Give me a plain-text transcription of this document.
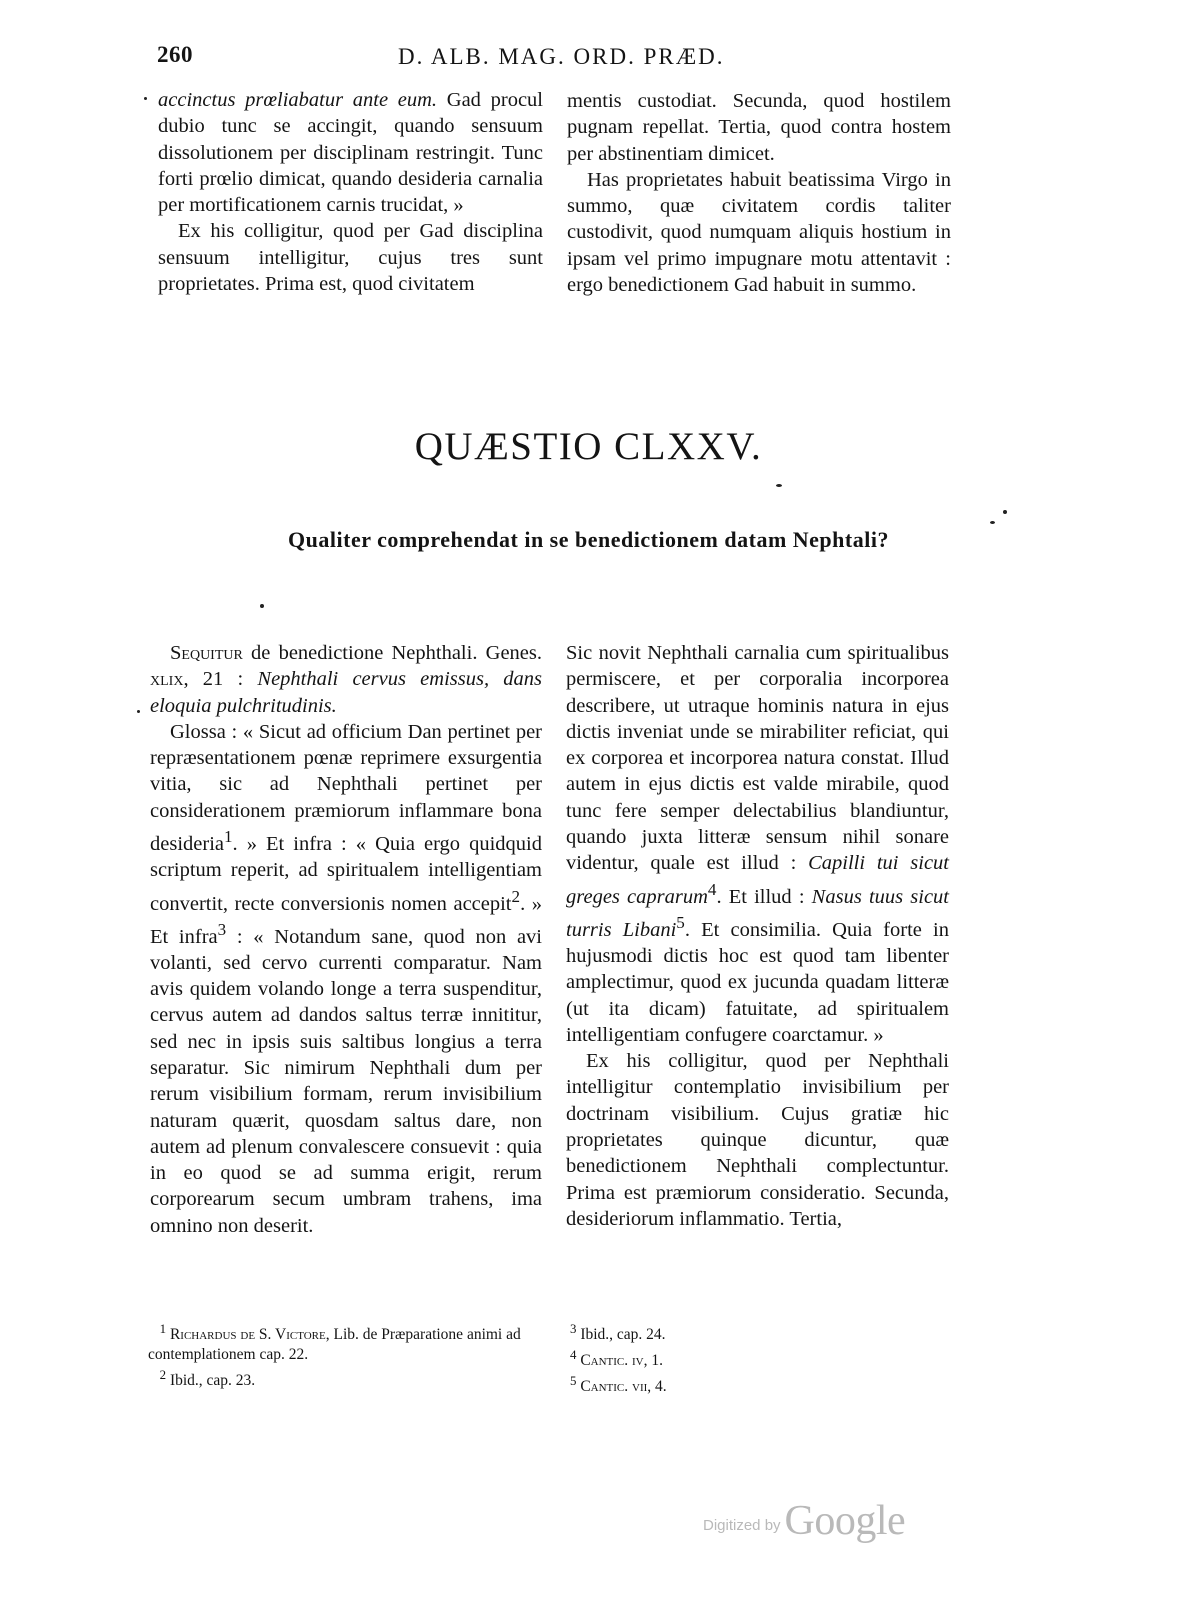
260	D. ALB. MAG. ORD. PRÆD.

accinctus prœliabatur ante eum. Gad procul dubio tunc se accingit, quando sensuum dissolutionem per disciplinam restringit. Tunc forti prœlio dimicat, quando desideria carnalia per mortificationem carnis trucidat, »

Ex his colligitur, quod per Gad disciplina sensuum intelligitur, cujus tres sunt proprietates. Prima est, quod civitatem

mentis custodiat. Secunda, quod hostilem pugnam repellat. Tertia, quod contra hostem per abstinentiam dimicet.

Has proprietates habuit beatissima Virgo in summo, quæ civitatem cordis taliter custodivit, quod numquam aliquis hostium in ipsam vel primo impugnare motu attentavit : ergo benedictionem Gad habuit in summo.

QUÆSTIO CLXXV.
Qualiter comprehendat in se benedictionem datam Nephtali?

Sequitur de benedictione Nephthali. Genes. xlix, 21 : Nephthali cervus emissus, dans eloquia pulchritudinis.

Glossa : « Sicut ad officium Dan pertinet per repræsentationem pœnæ reprimere exsurgentia vitia, sic ad Nephthali pertinet per considerationem præmiorum inflammare bona desideria$^1$. » Et infra : « Quia ergo quidquid scriptum reperit, ad spiritualem intelligentiam convertit, recte conversionis nomen accepit$^2$. » Et infra$^3$ : « Notandum sane, quod non avi volanti, sed cervo currenti comparatur. Nam avis quidem volando longe a terra suspenditur, cervus autem ad dandos saltus terræ innititur, sed nec in ipsis suis saltibus longius a terra separatur. Sic nimirum Nephthali dum per rerum visibilium formam, rerum invisibilium naturam quærit, quosdam saltus dare, non autem ad plenum convalescere consuevit : quia in eo quod se ad summa erigit, rerum corporearum secum umbram trahens, ima omnino non deserit.

Sic novit Nephthali carnalia cum spiritualibus permiscere, et per corporalia incorporea describere, ut utraque hominis natura in ejus dictis inveniat unde se mirabiliter reficiat, qui ex corporea et incorporea natura constat. Illud autem in ejus dictis est valde mirabile, quod tunc fere semper delectabilius blandiuntur, quando juxta litteræ sensum nihil sonare videntur, quale est illud : Capilli tui sicut greges caprarum$^4$. Et illud : Nasus tuus sicut turris Libani$^5$. Et consimilia. Quia forte in hujusmodi dictis hoc est quod tam libenter amplectimur, quod ex jucunda quadam litteræ (ut ita dicam) fatuitate, ad spiritualem intelligentiam confugere coarctamur. »

Ex his colligitur, quod per Nephthali intelligitur contemplatio invisibilium per doctrinam visibilium. Cujus gratiæ hic proprietates quinque dicuntur, quæ benedictionem Nephthali complectuntur. Prima est præmiorum consideratio. Secunda, desideriorum inflammatio. Tertia,

$^1$ Richardus de S. Victore, Lib. de Præparatione animi ad contemplationem cap. 22.

$^2$ Ibid., cap. 23.

$^3$ Ibid., cap. 24.

$^4$ Cantic. iv, 1.

$^5$ Cantic. vii, 4.

Digitized by Google
